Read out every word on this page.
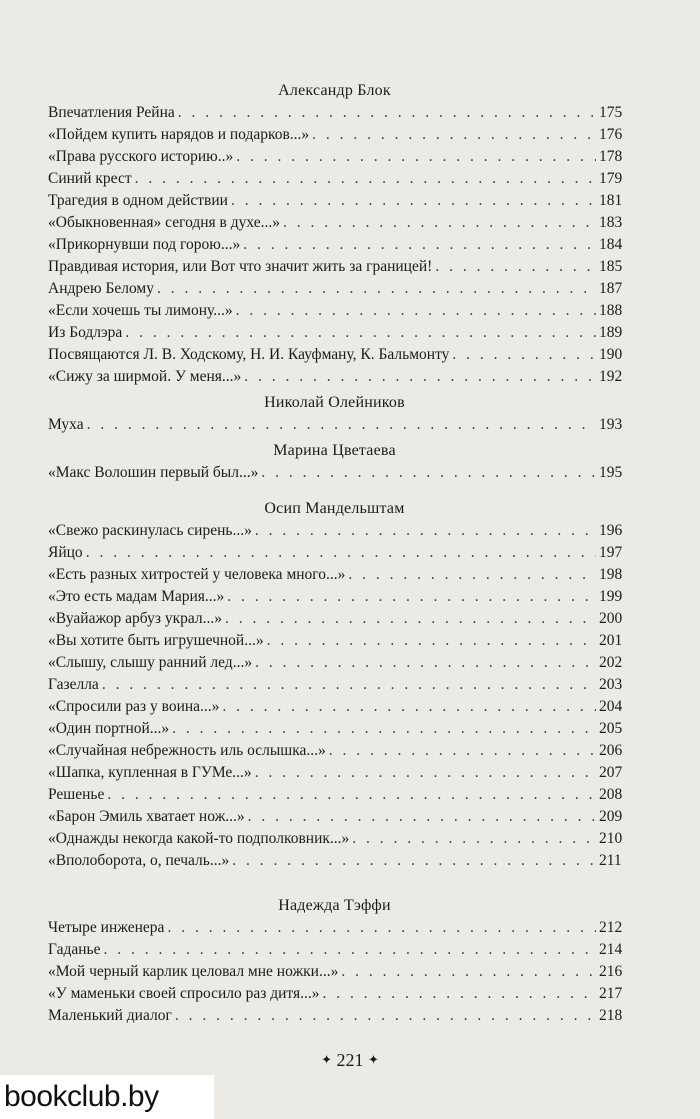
Александр Блок
Впечатления Рейна . . .	175
«Пойдем купить нарядов и подарков...» . . .	176
«Права русского историю..» . . .	178
Синий крест . . .	179
Трагедия в одном действии . . .	181
«Обыкновенная» сегодня в духе...» . . .	183
«Прикорнувши под горою...» . . .	184
Правдивая история, или Вот что значит жить за границей! . . .	185
Андрею Белому . . .	187
«Если хочешь ты лимону...» . . .	188
Из Бодлэра . . .	189
Посвящаются Л. В. Ходскому, Н. И. Кауфману, К. Бальмонту . . .	190
«Сижу за ширмой. У меня...» . . .	192
Николай Олейников
Муха . . .	193
Марина Цветаева
«Макс Волошин первый был...» . . .	195
Осип Мандельштам
«Свежо раскинулась сирень...» . . .	196
Яйцо . . .	197
«Есть разных хитростей у человека много...» . . .	198
«Это есть мадам Мария...» . . .	199
«Вуайажор арбуз украл...» . . .	200
«Вы хотите быть игрушечной...» . . .	201
«Слышу, слышу ранний лед...» . . .	202
Газелла . . .	203
«Спросили раз у воина...» . . .	204
«Один портной...» . . .	205
«Случайная небрежность иль ослышка...» . . .	206
«Шапка, купленная в ГУМе...» . . .	207
Решенье . . .	208
«Барон Эмиль хватает нож...» . . .	209
«Однажды некогда какой-то подполковник...» . . .	210
«Вполоборота, о, печаль...» . . .	211
Надежда Тэффи
Четыре инженера . . .	212
Гаданье . . .	214
«Мой черный карлик целовал мне ножки...» . . .	216
«У маменьки своей спросило раз дитя...» . . .	217
Маленький диалог . . .	218
✦ 221 ✦
bookclub.by
